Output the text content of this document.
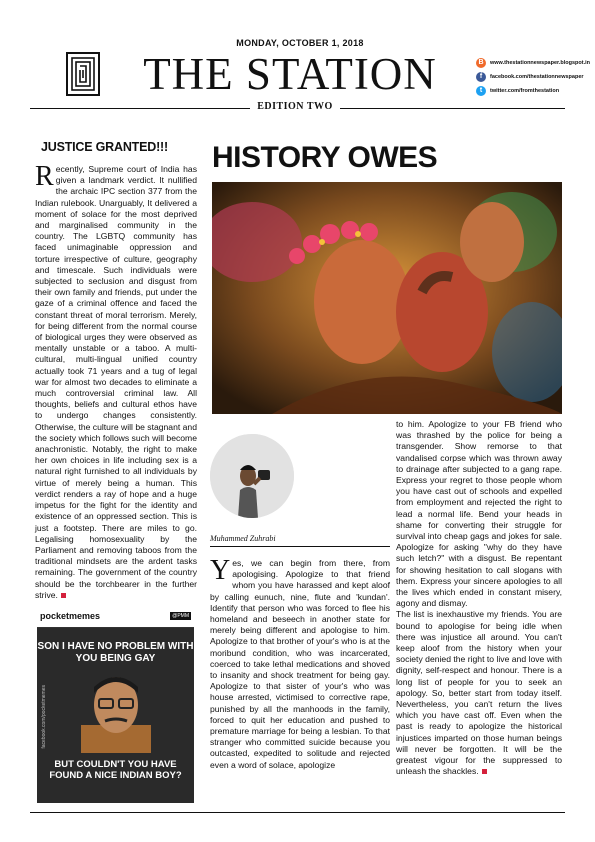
MONDAY, OCTOBER 1, 2018
THE STATION	B	www.thestationnewspaper.blogspot.in
f	facebook.com/thestationnewspaper
t	twitter.com/fromthestation
EDITION TWO
JUSTICE GRANTED!!!

Recently, Supreme court of India has given a landmark verdict. It nullified the archaic IPC section 377 from the Indian rulebook. Unarguably, It delivered a moment of solace for the most deprived and marginalised community in the country. The LGBTQ community has faced unimaginable oppression and torture irrespective of culture, geography and timescale. Such individuals were subjected to seclusion and disgust from their own family and friends, put under the gaze of a criminal offence and faced the constant threat of moral terrorism. Merely, for being different from the normal course of biological urges they were observed as mentally unstable or a taboo. A multi-cultural, multi-lingual unified country actually took 71 years and a tug of legal war for almost two decades to eliminate a much controversial criminal law. All thoughts, beliefs and cultural ethos have to undergo changes consistently. Otherwise, the culture will be stagnant and the society which follows such will become anachronistic. Notably, the right to make her own choices in life including sex is a natural right furnished to all individuals by virtue of merely being a human. This verdict renders a ray of hope and a huge impetus for the fight for the identity and existence of an oppressed section. This is just a footstep. There are miles to go. Legalising homosexuality by the Parliament and removing taboos from the traditional mindsets are the ardent tasks remaining. The government of the country should be the torchbearer in the further strive.

pocketmemes	@PMM
SON I HAVE NO PROBLEM WITH YOU BEING GAY
facebook.com/pocketmemes
BUT COULDN'T YOU HAVE FOUND A NICE INDIAN BOY?
HISTORY OWES
Muhammed Zuhrabi

Yes, we can begin from there, from apologising. Apologize to that friend whom you have harassed and kept aloof by calling eunuch, nine, flute and 'kundan'. Identify that person who was forced to flee his homeland and beseech in another state for merely being different and apologise to him. Apologize to that brother of your's who is at the moribund condition, who was incarcerated, coerced to take lethal medications and shoved to insanity and shock treatment for being gay. Apologize to that sister of your's who was house arrested, victimised to corrective rape, punished by all the manhoods in the family, forced to quit her education and pushed to premature marriage for being a lesbian. To that stranger who committed suicide because you outcasted, expedited to solitude and rejected even a word of solace, apologize

to him. Apologize to your FB friend who was thrashed by the police for being a transgender. Show remorse to that vandalised corpse which was thrown away to drainage after subjected to a gang rape. Express your regret to those people whom you have cast out of schools and expelled from employment and rejected the right to lead a normal life. Bend your heads in shame for converting their struggle for survival into cheap gags and jokes for sale. Apologize for asking "why do they have such letch?" with a disgust. Be repentant for showing hesitation to call slogans with them. Express your sincere apologies to all the lives which ended in constant misery, agony and dismay.

The list is inexhaustive my friends. You are bound to apologise for being idle when there was injustice all around. You can't keep aloof from the history when your society denied the right to live and love with dignity, self-respect and honour. There is a long list of people for you to seek an apology. So, better start from today itself. Nevertheless, you can't return the lives which you have cast off. Even when the past is ready to apologize the historical injustices imparted on those human beings will never be forgotten. It will be the greatest vigour for the suppressed to unleash the shackles.
